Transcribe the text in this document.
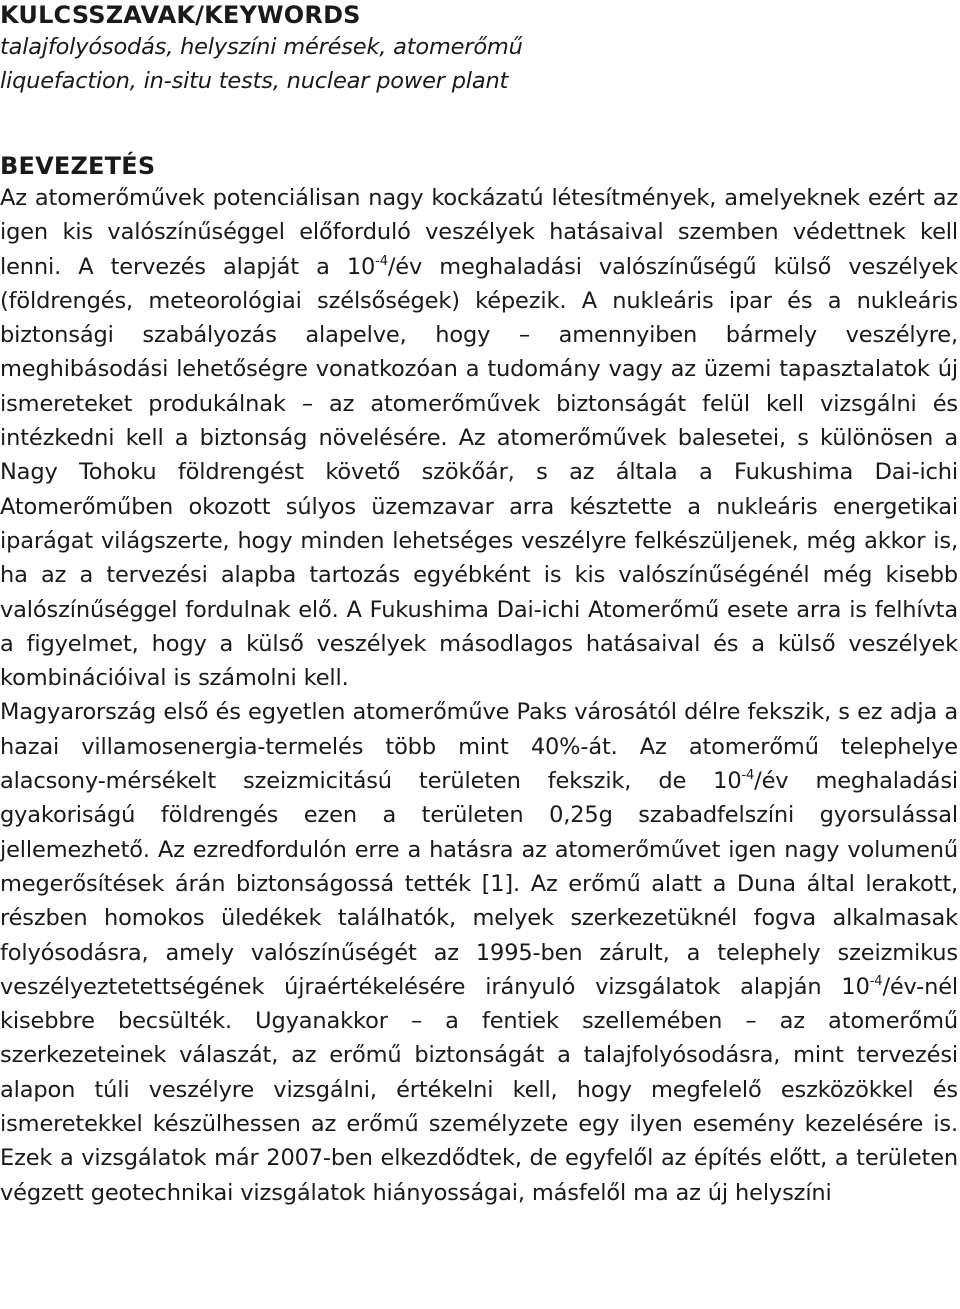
KULCSSZAVAK/KEYWORDS

talajfolyósodás, helyszíni mérések, atomerőmű

liquefaction, in-situ tests, nuclear power plant

BEVEZETÉS

Az atomerőművek potenciálisan nagy kockázatú létesítmények, amelyeknek ezért az igen kis valószínűséggel előforduló veszélyek hatásaival szemben védettnek kell lenni. A tervezés alapját a $10^{-4}/év$ meghaladási valószínűségű külső veszélyek (földrengés, meteorológiai szélsőségek) képezik. A nukleáris ipar és a nukleáris biztonsági szabályozás alapelve, hogy – amennyiben bármely veszélyre, meghibásodási lehetőségre vonatkozóan a tudomány vagy az üzemi tapasztalatok új ismereteket produkálnak – az atomerőművek biztonságát felül kell vizsgálni és intézkedni kell a biztonság növelésére. Az atomerőművek balesetei, s különösen a Nagy Tohoku földrengést követő szökőár, s az általa a Fukushima Dai-ichi Atomerőműben okozott súlyos üzemzavar arra késztette a nukleáris energetikai iparágat világszerte, hogy minden lehetséges veszélyre felkészüljenek, még akkor is, ha az a tervezési alapba tartozás egyébként is kis valószínűségénél még kisebb valószínűséggel fordulnak elő. A Fukushima Dai-ichi Atomerőmű esete arra is felhívta a figyelmet, hogy a külső veszélyek másodlagos hatásaival és a külső veszélyek kombinációival is számolni kell.

Magyarország első és egyetlen atomerőműve Paks városától délre fekszik, s ez adja a hazai villamosenergia-termelés több mint 40%-át. Az atomerőmű telephelye alacsony-mérsékelt szeizmicitású területen fekszik, de $10^{-4}/év$ meghaladási gyakoriságú földrengés ezen a területen 0,25g szabadfelszíni gyorsulással jellemezhető. Az ezredfordulón erre a hatásra az atomerőművet igen nagy volumenű megerősítések árán biztonságossá tették [1]. Az erőmű alatt a Duna által lerakott, részben homokos üledékek találhatók, melyek szerkezetüknél fogva alkalmasak folyósodásra, amely valószínűségét az 1995-ben zárult, a telephely szeizmikus veszélyeztetettségének újraértékelésére irányuló vizsgálatok alapján $10^{-4}/év$-nél kisebbre becsülték. Ugyanakkor – a fentiek szellemében – az atomerőmű szerkezeteinek válaszát, az erőmű biztonságát a talajfolyósodásra, mint tervezési alapon túli veszélyre vizsgálni, értékelni kell, hogy megfelelő eszközökkel és ismeretekkel készülhessen az erőmű személyzete egy ilyen esemény kezelésére is. Ezek a vizsgálatok már 2007-ben elkezdődtek, de egyfelől az építés előtt, a területen végzett geotechnikai vizsgálatok hiányosságai, másfelől ma az új helyszíni
